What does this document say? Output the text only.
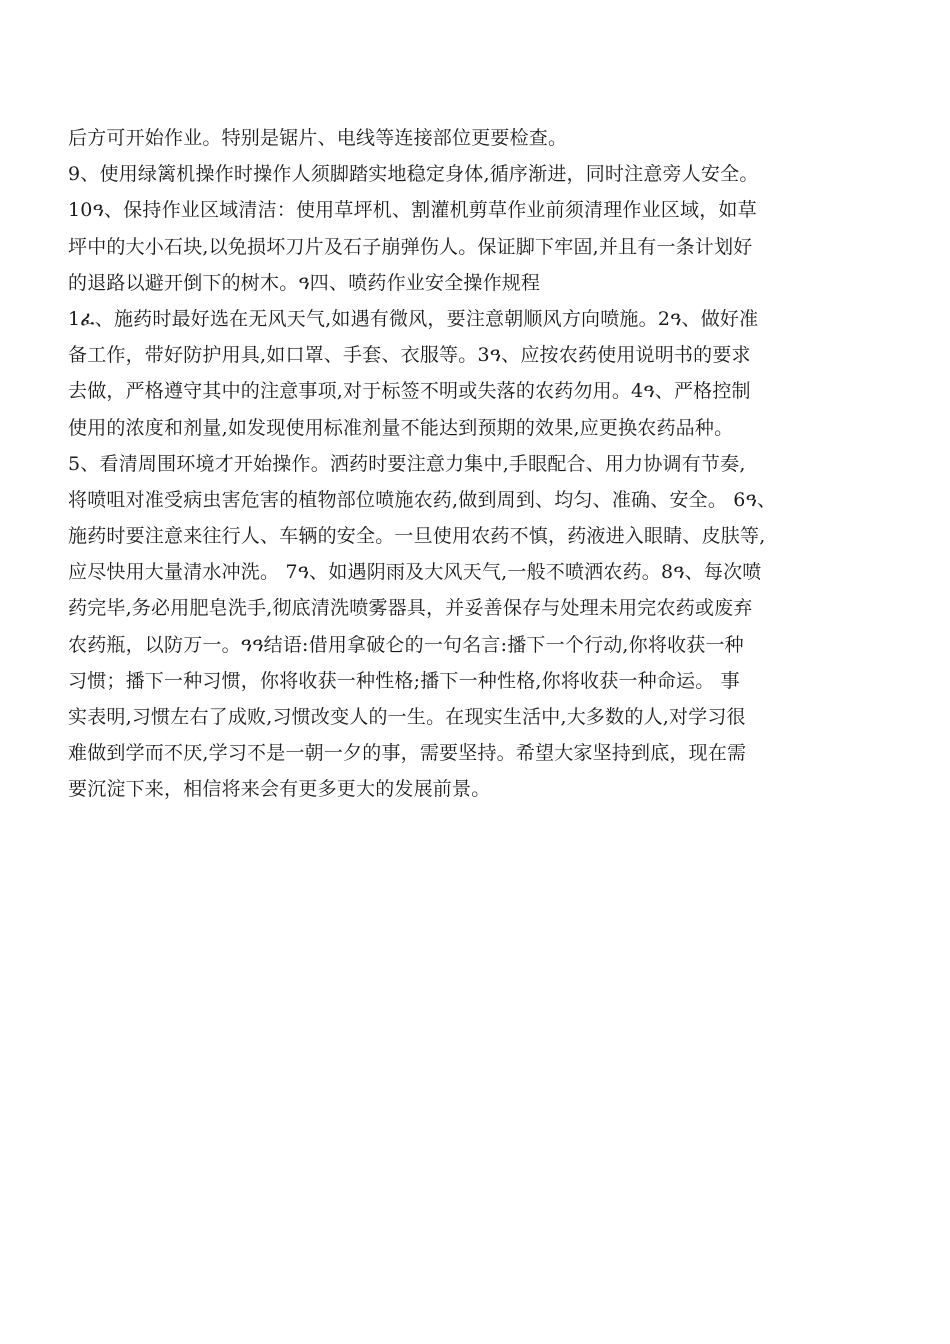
后方可开始作业。特别是锯片、电线等连接部位更要检查。
9、使用绿篱机操作时操作人须脚踏实地稳定身体,循序渐进，同时注意旁人安全。
10ዓ、保持作业区域清洁：使用草坪机、割灌机剪草作业前须清理作业区域，如草
坪中的大小石块,以免损坏刀片及石子崩弹伤人。保证脚下牢固,并且有一条计划好
的退路以避开倒下的树木。ዓ四、喷药作业安全操作规程
1ፈ、施药时最好选在无风天气,如遇有微风，要注意朝顺风方向喷施。2ዓ、做好准
备工作，带好防护用具,如口罩、手套、衣服等。3ዓ、应按农药使用说明书的要求
去做，严格遵守其中的注意事项,对于标签不明或失落的农药勿用。4ዓ、严格控制
使用的浓度和剂量,如发现使用标准剂量不能达到预期的效果,应更换农药品种。
5、看清周围环境才开始操作。洒药时要注意力集中,手眼配合、用力协调有节奏,
将喷咀对准受病虫害危害的植物部位喷施农药,做到周到、均匀、准确、安全。 6ዓ、
施药时要注意来往行人、车辆的安全。一旦使用农药不慎，药液进入眼睛、皮肤等,
应尽快用大量清水冲洗。 7ዓ、如遇阴雨及大风天气,一般不喷洒农药。8ዓ、每次喷
药完毕,务必用肥皂洗手,彻底清洗喷雾器具，并妥善保存与处理未用完农药或废弃
农药瓶，以防万一。ዓዓ结语:借用拿破仑的一句名言:播下一个行动,你将收获一种
习惯；播下一种习惯，你将收获一种性格;播下一种性格,你将收获一种命运。 事
实表明,习惯左右了成败,习惯改变人的一生。在现实生活中,大多数的人,对学习很
难做到学而不厌,学习不是一朝一夕的事，需要坚持。希望大家坚持到底，现在需
要沉淀下来，相信将来会有更多更大的发展前景。
